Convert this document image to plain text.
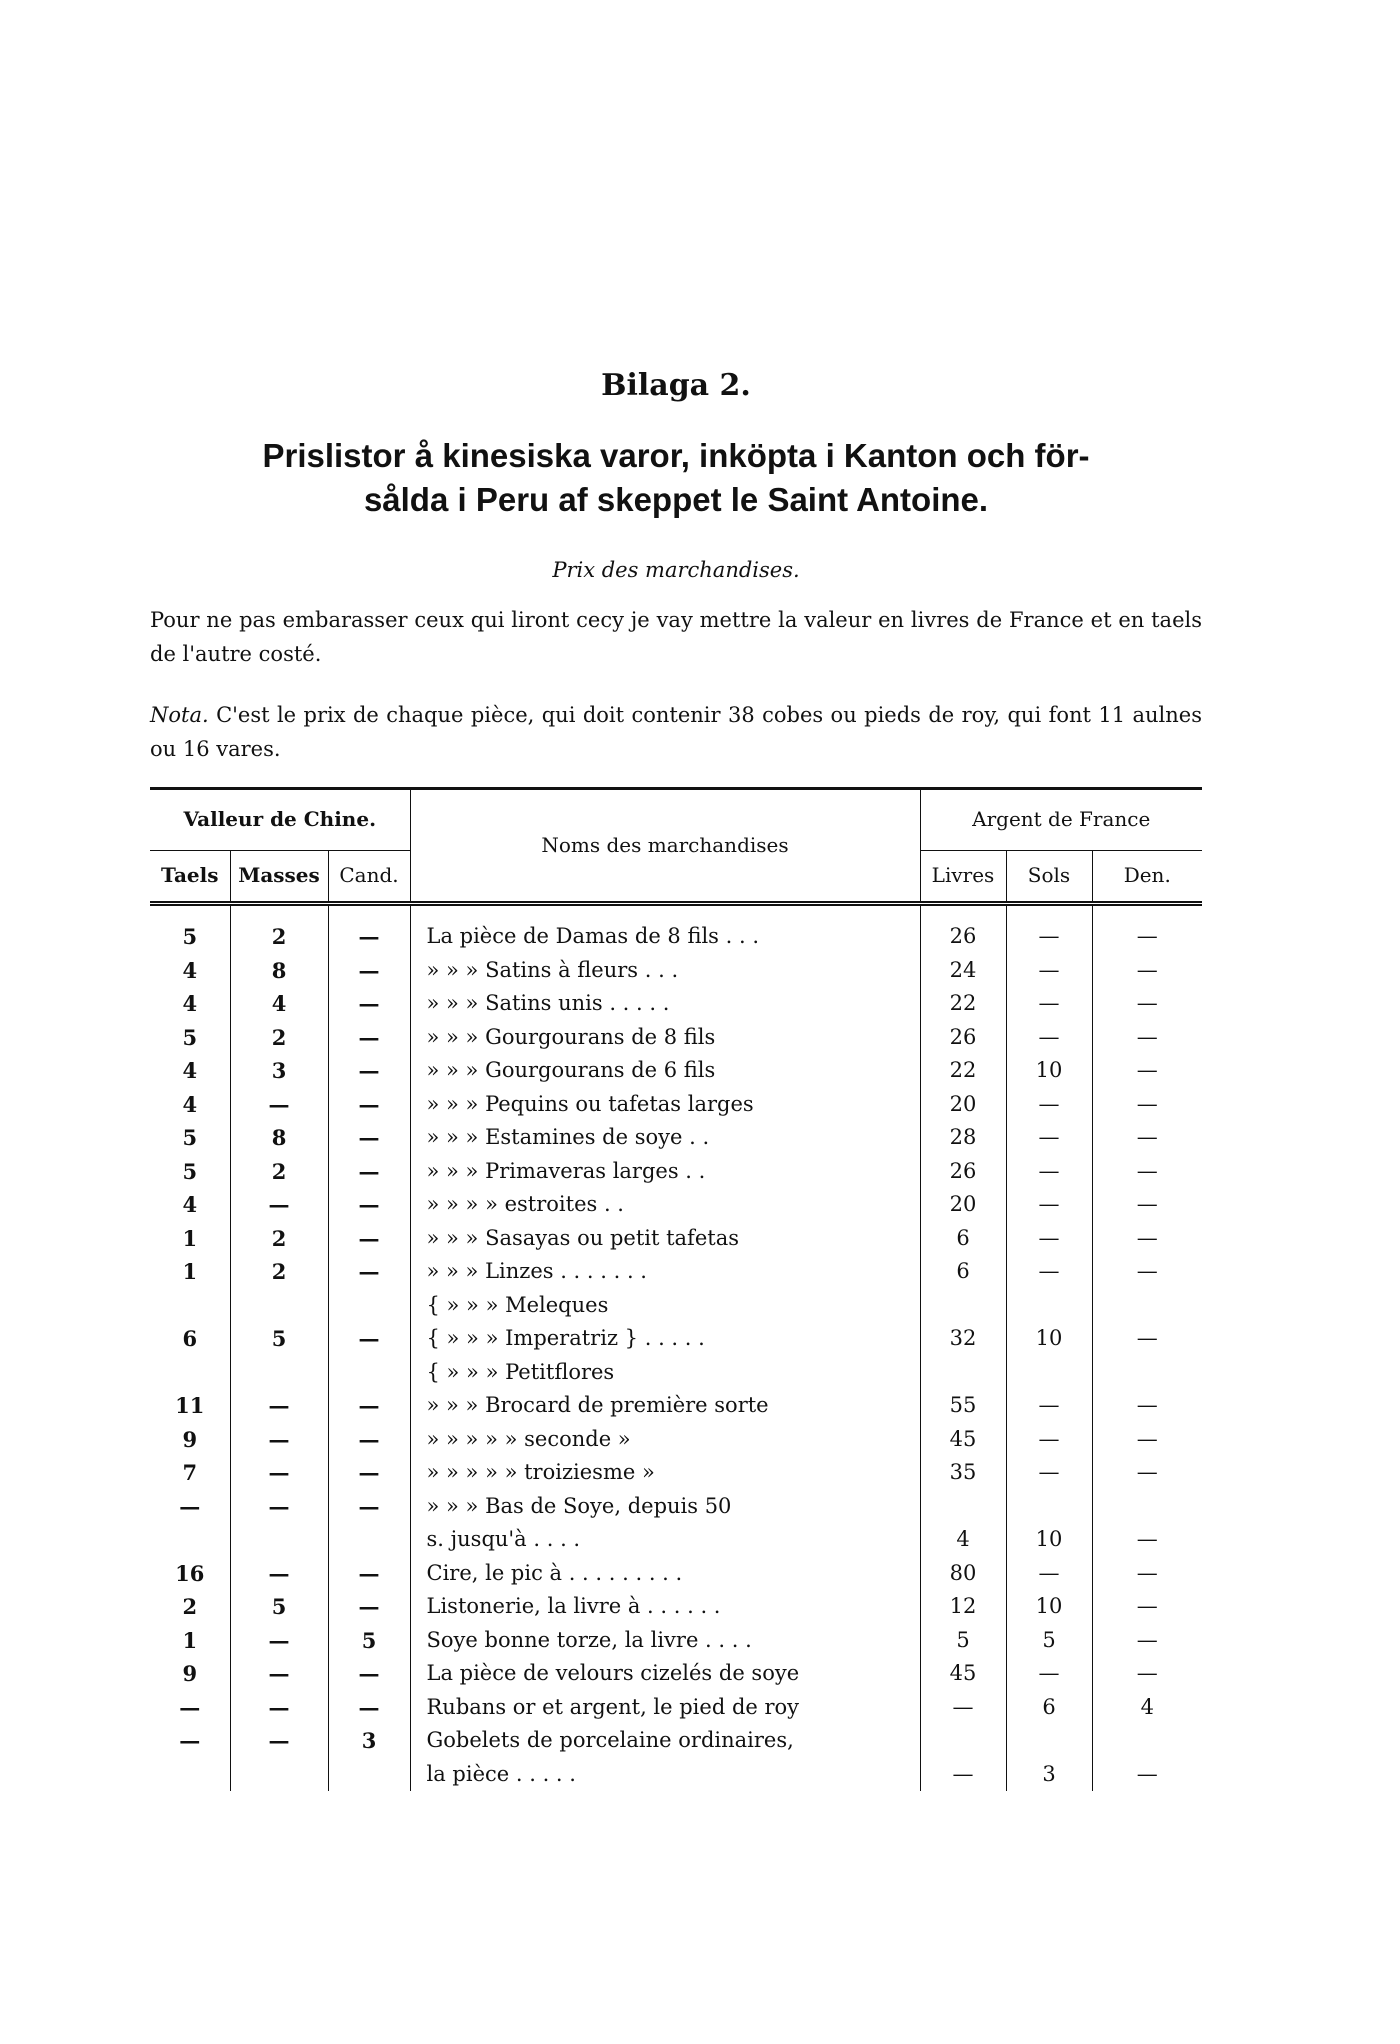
Bilaga 2.
Prislistor å kinesiska varor, inköpta i Kanton och för-
sålda i Peru af skeppet le Saint Antoine.
Prix des marchandises.
Pour ne pas embarasser ceux qui liront cecy je vay mettre la valeur en livres de France et en taels de l'autre costé.
Nota. C'est le prix de chaque pièce, qui doit contenir 38 cobes ou pieds de roy, qui font 11 aulnes ou 16 vares.
Valleur de Chine.			Noms des marchandises	Argent de France		
Taels	Masses	Cand.		Livres	Sols	Den.

5	2	—	La pièce de Damas de 8 fils . . .	26	—	—
4	8	—	» » » Satins à fleurs . . .	24	—	—
4	4	—	» » » Satins unis . . . . .	22	—	—
5	2	—	» » » Gourgourans de 8 fils	26	—	—
4	3	—	» » » Gourgourans de 6 fils	22	10	—
4	—	—	» » » Pequins ou tafetas larges	20	—	—
5	8	—	» » » Estamines de soye . .	28	—	—
5	2	—	» » » Primaveras larges . .	26	—	—
4	—	—	» » » » estroites . .	20	—	—
1	2	—	» » » Sasayas ou petit tafetas	6	—	—
1	2	—	» » » Linzes . . . . . . .	6	—	—
			{ » » » Meleques			
6	5	—	{ » » » Imperatriz } . . . . .	32	10	—
			{ » » » Petitflores			
11	—	—	» » » Brocard de première sorte	55	—	—
9	—	—	» » » » » seconde »	45	—	—
7	—	—	» » » » » troiziesme »	35	—	—
—	—	—	» » » Bas de Soye, depuis 50			
			s. jusqu'à . . . .	4	10	—
16	—	—	Cire, le pic à . . . . . . . . .	80	—	—
2	5	—	Listonerie, la livre à . . . . . .	12	10	—
1	—	5	Soye bonne torze, la livre . . . .	5	5	—
9	—	—	La pièce de velours cizelés de soye	45	—	—
—	—	—	Rubans or et argent, le pied de roy	—	6	4
—	—	3	Gobelets de porcelaine ordinaires,			
			la pièce . . . . .	—	3	—
